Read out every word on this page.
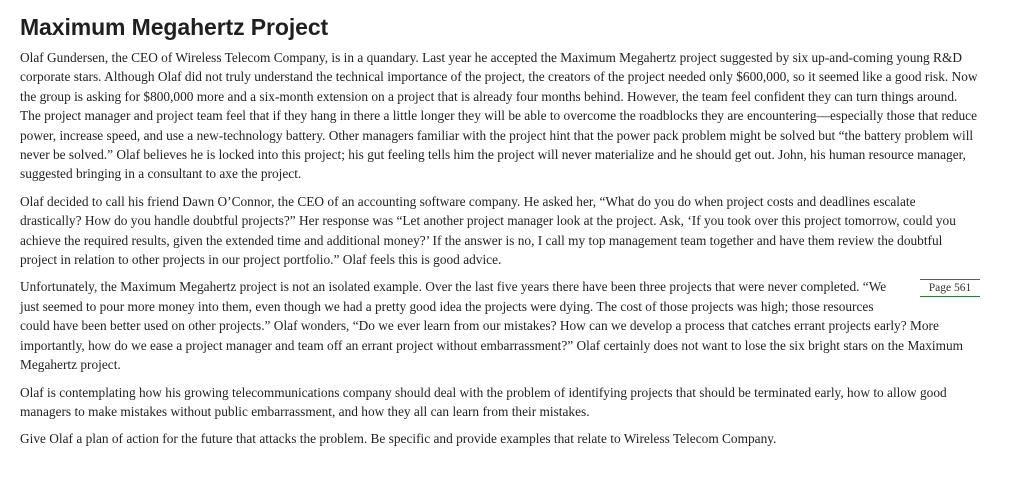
Maximum Megahertz Project

Olaf Gundersen, the CEO of Wireless Telecom Company, is in a quandary. Last year he accepted the Maximum Megahertz project suggested by six up-and-coming young R&D corporate stars. Although Olaf did not truly understand the technical importance of the project, the creators of the project needed only $600,000, so it seemed like a good risk. Now the group is asking for $800,000 more and a six-month extension on a project that is already four months behind. However, the team feel confident they can turn things around. The project manager and project team feel that if they hang in there a little longer they will be able to overcome the roadblocks they are encountering—especially those that reduce power, increase speed, and use a new-technology battery. Other managers familiar with the project hint that the power pack problem might be solved but “the battery problem will never be solved.” Olaf believes he is locked into this project; his gut feeling tells him the project will never materialize and he should get out. John, his human resource manager, suggested bringing in a consultant to axe the project.

Olaf decided to call his friend Dawn O’Connor, the CEO of an accounting software company. He asked her, “What do you do when project costs and deadlines escalate drastically? How do you handle doubtful projects?” Her response was “Let another project manager look at the project. Ask, ‘If you took over this project tomorrow, could you achieve the required results, given the extended time and additional money?’ If the answer is no, I call my top management team together and have them review the doubtful project in relation to other projects in our project portfolio.” Olaf feels this is good advice.

Page 561
Unfortunately, the Maximum Megahertz project is not an isolated example. Over the last five years there have been three projects that were never completed. “We just seemed to pour more money into them, even though we had a pretty good idea the projects were dying. The cost of those projects was high; those resources could have been better used on other projects.” Olaf wonders, “Do we ever learn from our mistakes? How can we develop a process that catches errant projects early? More importantly, how do we ease a project manager and team off an errant project without embarrassment?” Olaf certainly does not want to lose the six bright stars on the Maximum Megahertz project.

Olaf is contemplating how his growing telecommunications company should deal with the problem of identifying projects that should be terminated early, how to allow good managers to make mistakes without public embarrassment, and how they all can learn from their mistakes.

Give Olaf a plan of action for the future that attacks the problem. Be specific and provide examples that relate to Wireless Telecom Company.
